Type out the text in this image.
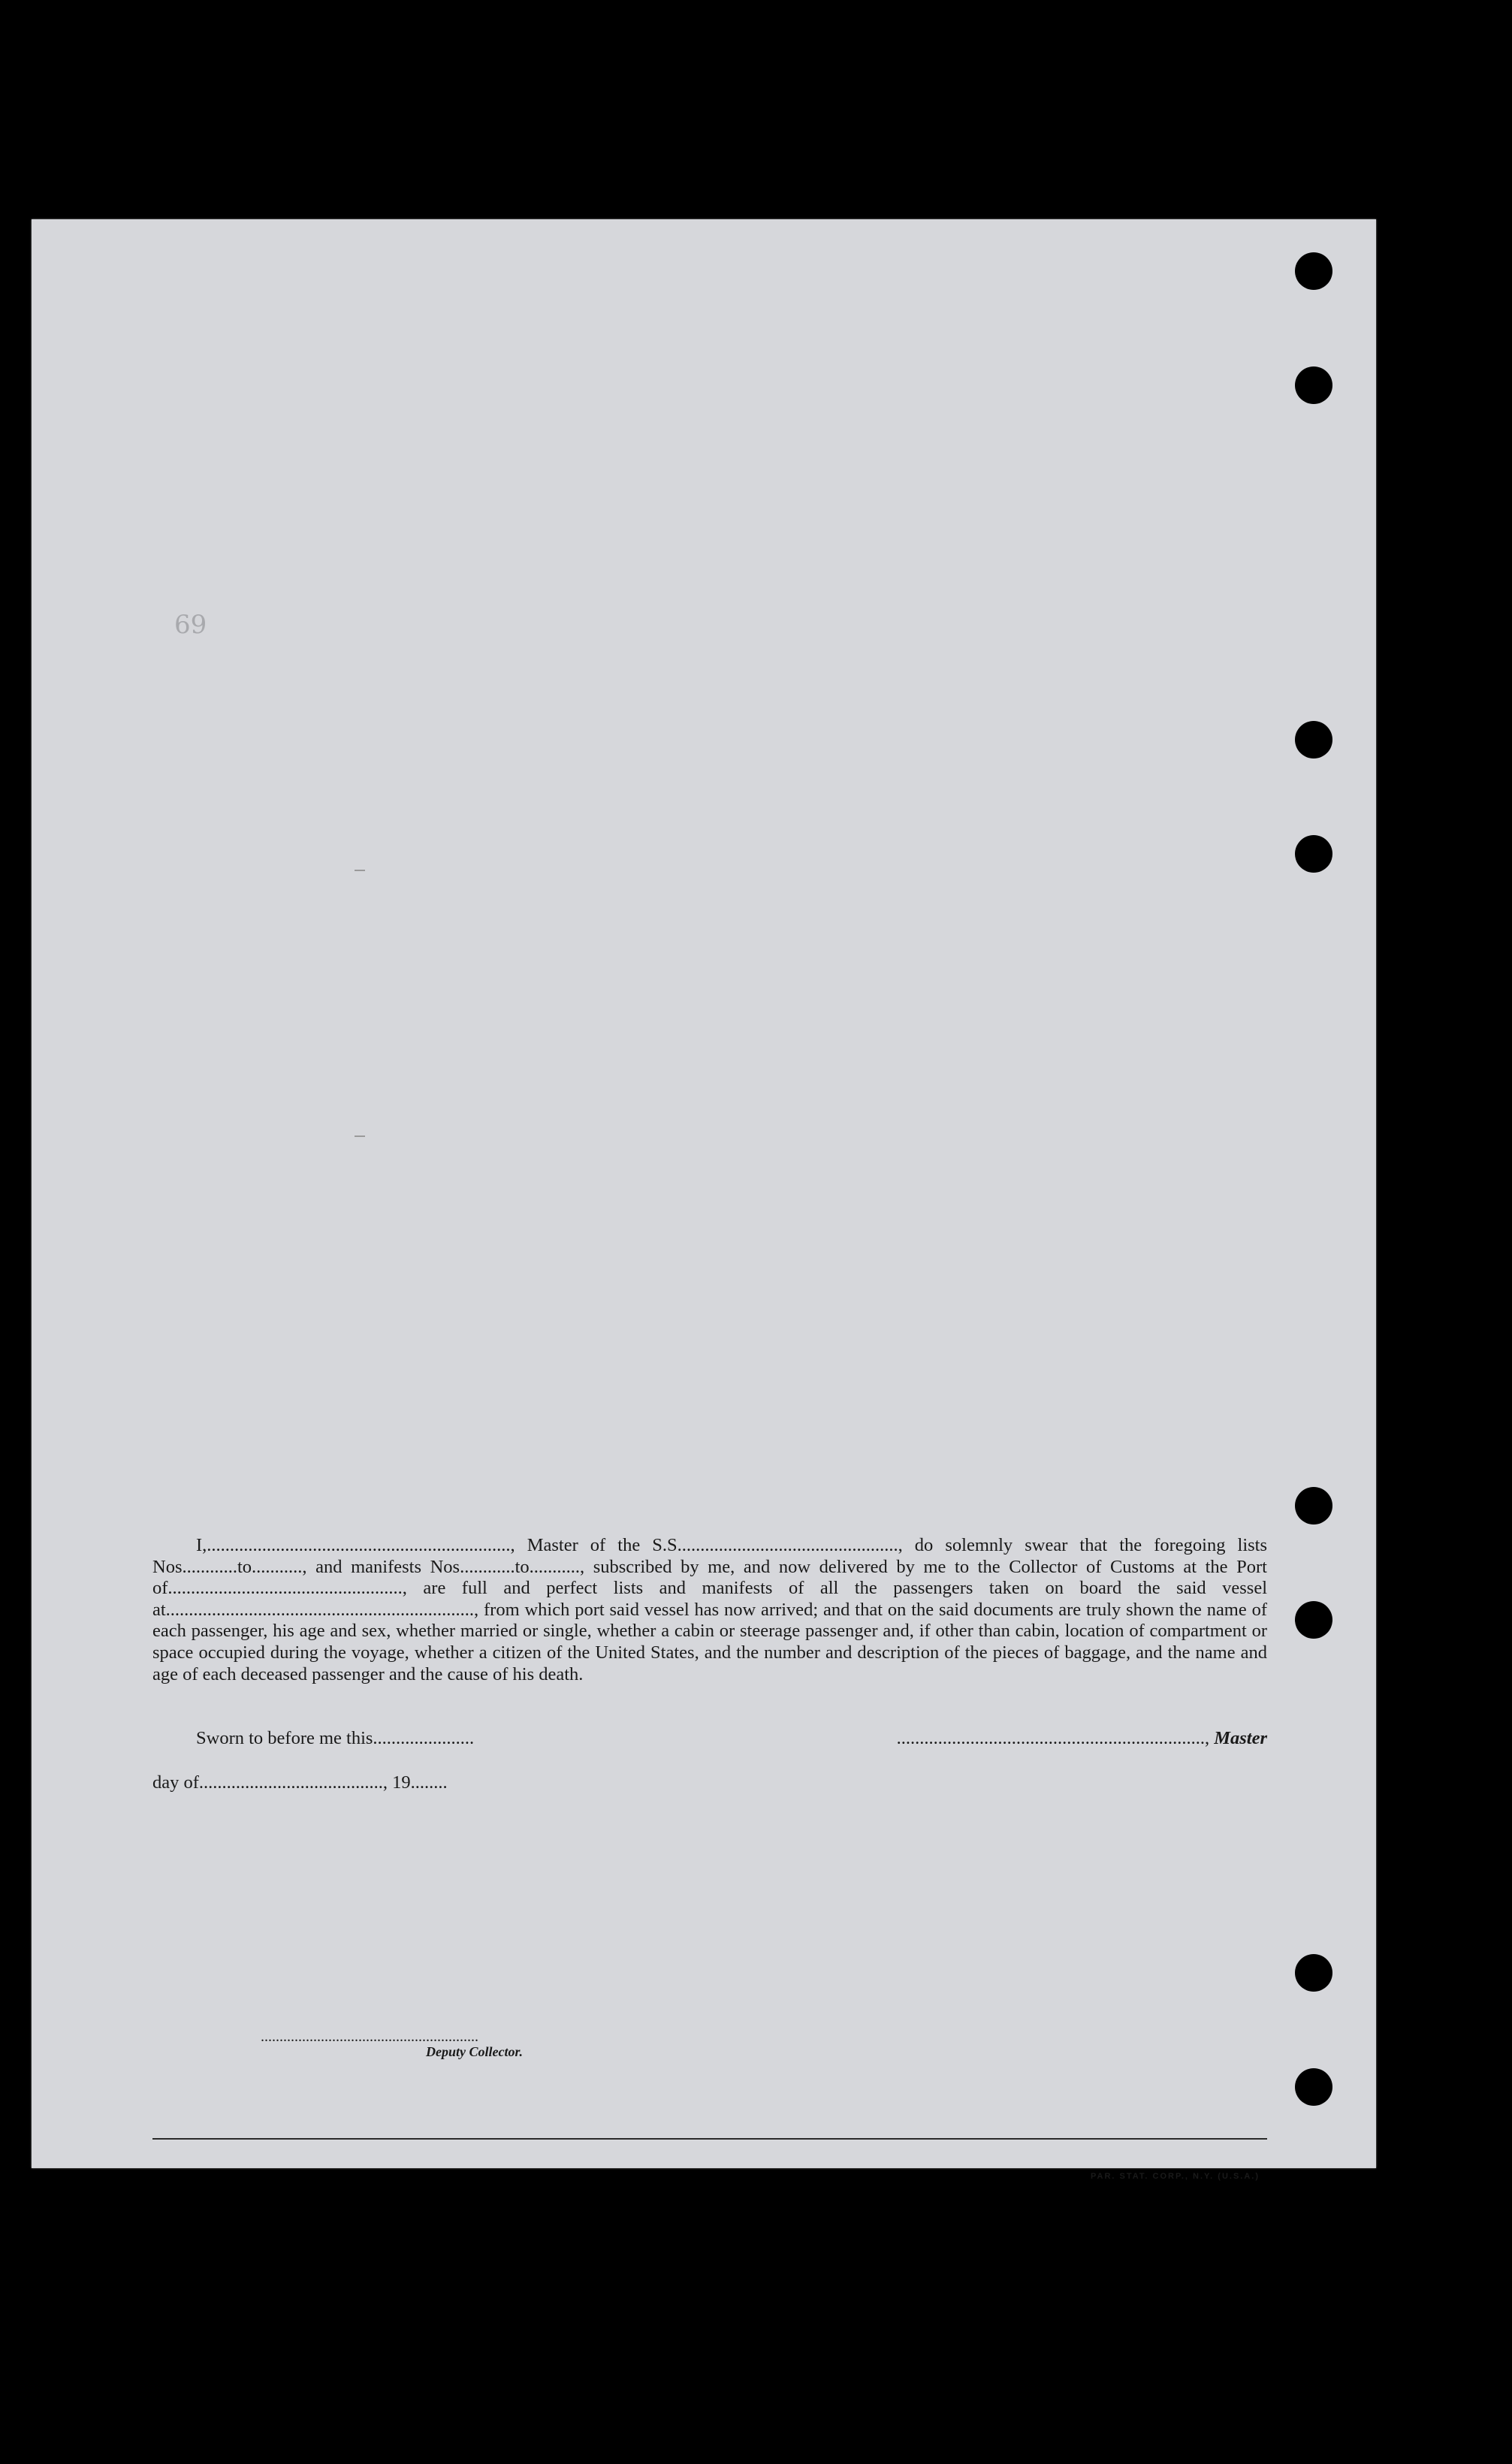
69

I,.................................................................., Master of the S.S................................................, do solemnly swear that the foregoing lists Nos............to..........., and manifests Nos............to..........., subscribed by me, and now delivered by me to the Collector of Customs at the Port of..................................................., are full and perfect lists and manifests of all the passengers taken on board the said vessel at..................................................................., from which port said vessel has now arrived; and that on the said documents are truly shown the name of each passenger, his age and sex, whether married or single, whether a cabin or steerage passenger and, if other than cabin, location of compartment or space occupied during the voyage, whether a citizen of the United States, and the number and description of the pieces of baggage, and the name and age of each deceased passenger and the cause of his death.

Sworn to before me this......................	..................................................................., Master
day of........................................, 19........
..........................................................
Deputy Collector.
PAR. STAT. CORP., N.Y. (U.S.A.)
